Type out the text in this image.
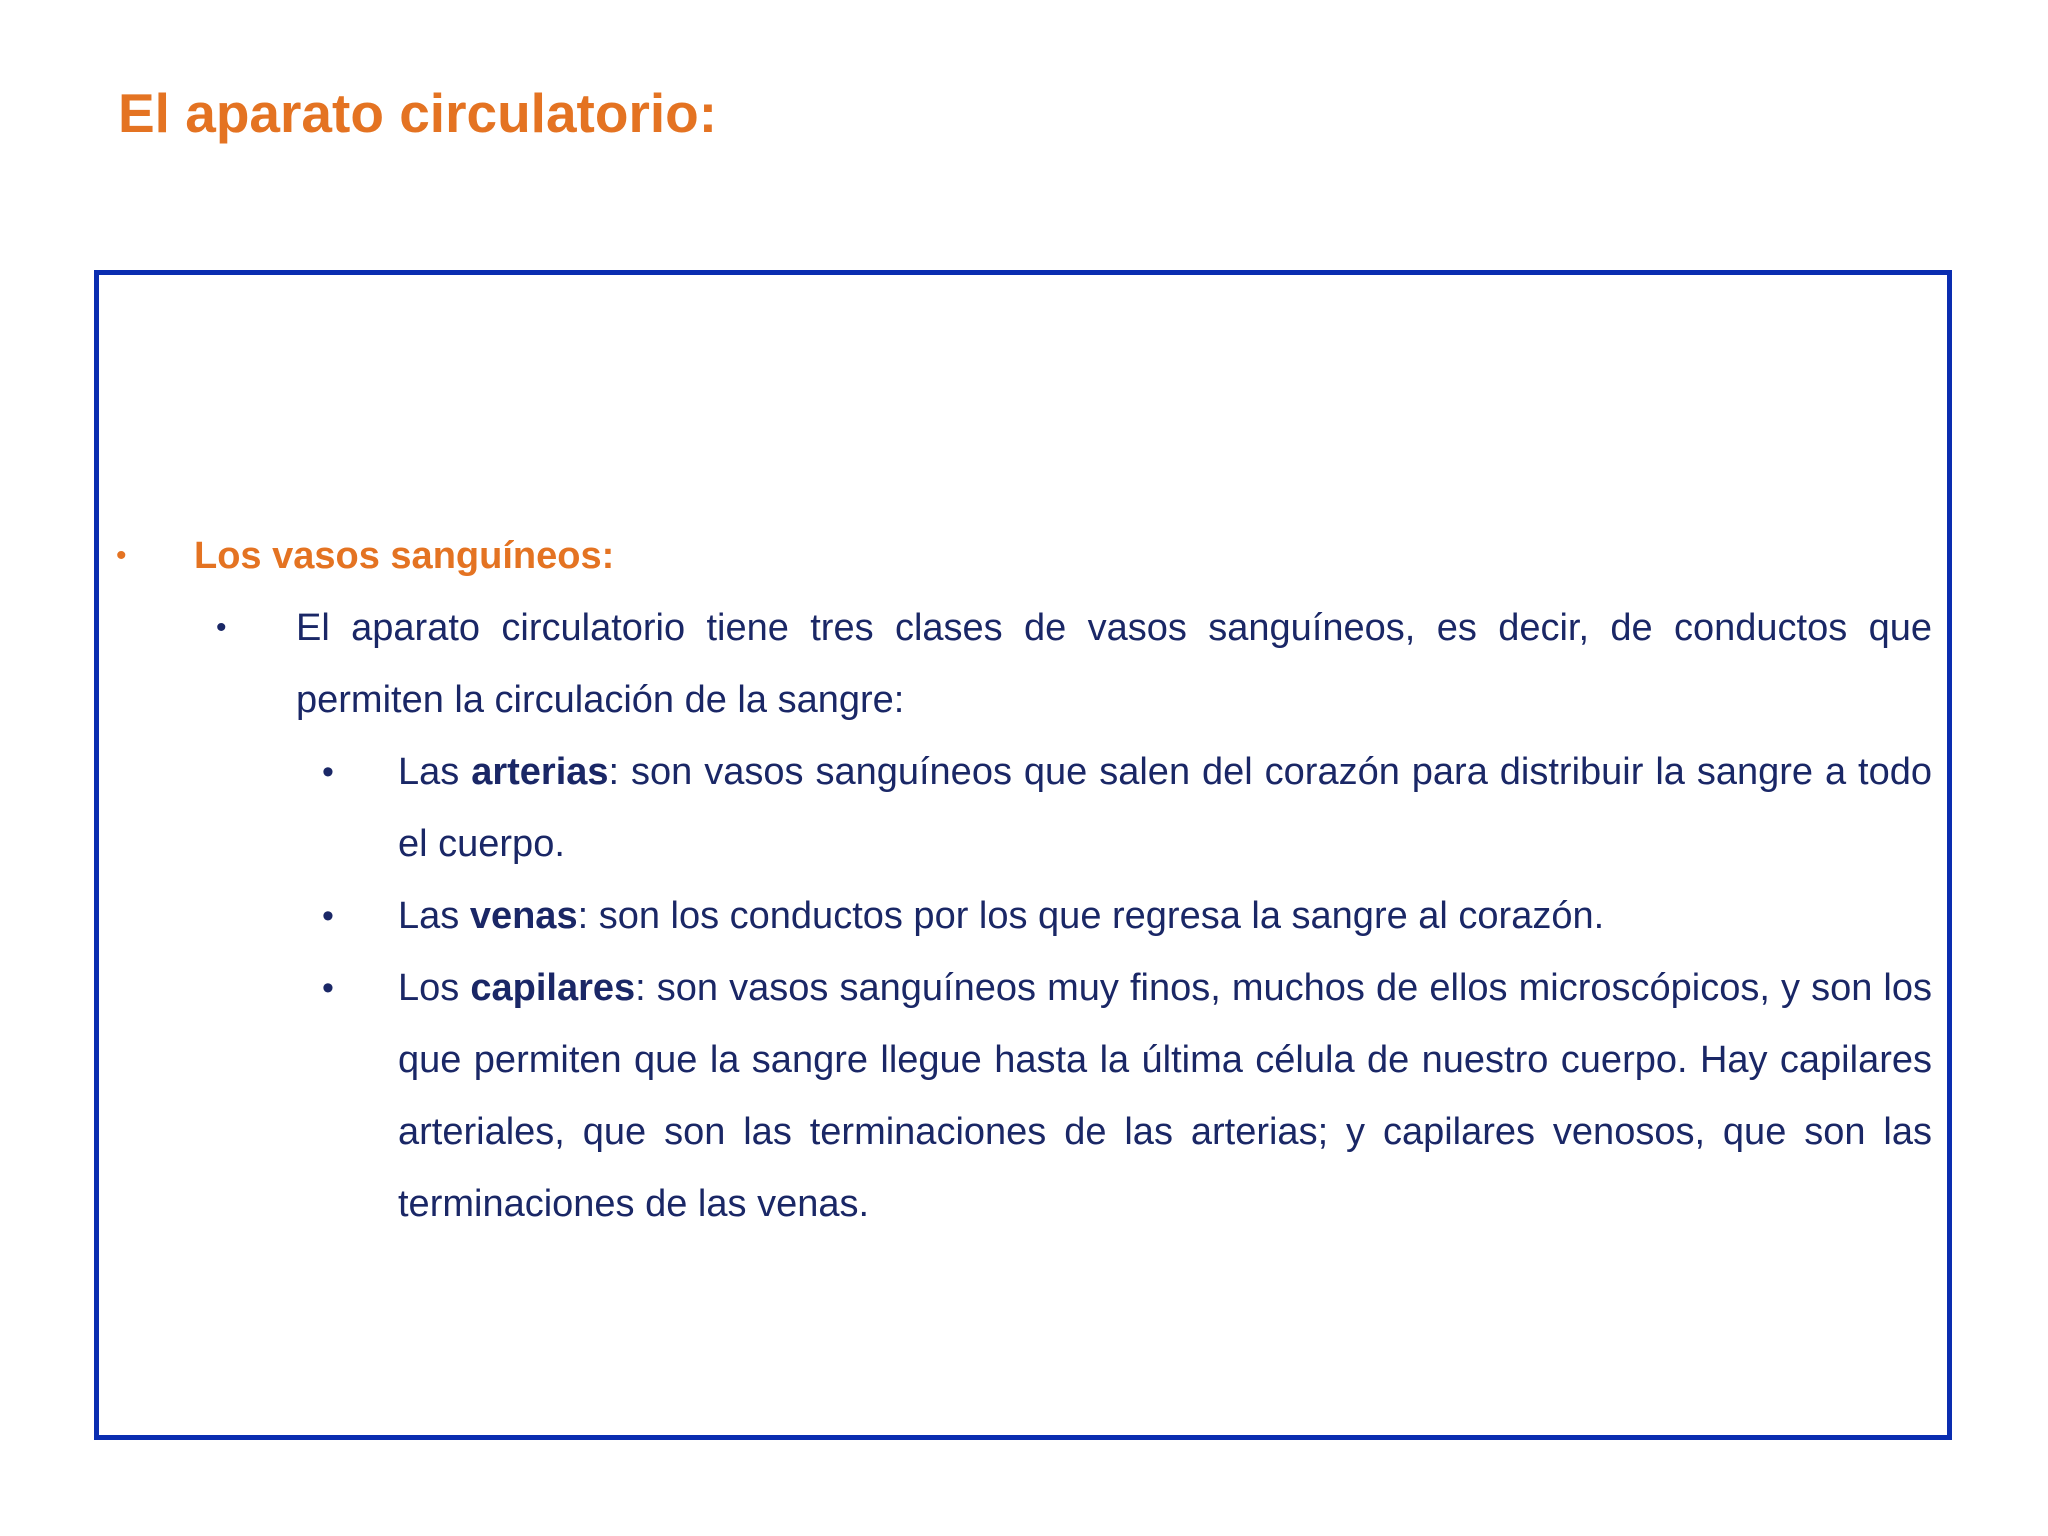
El aparato circulatorio:
• Los vasos sanguíneos:
• El aparato circulatorio tiene tres clases de vasos sanguíneos, es decir, de conductos que permiten la circulación de la sangre:
• Las arterias: son vasos sanguíneos que salen del corazón para distribuir la sangre a todo el cuerpo.
• Las venas: son los conductos por los que regresa la sangre al corazón.
• Los capilares: son vasos sanguíneos muy finos, muchos de ellos microscópicos, y son los que permiten que la sangre llegue hasta la última célula de nuestro cuerpo. Hay capilares arteriales, que son las terminaciones de las arterias; y capilares venosos, que son las terminaciones de las venas.
